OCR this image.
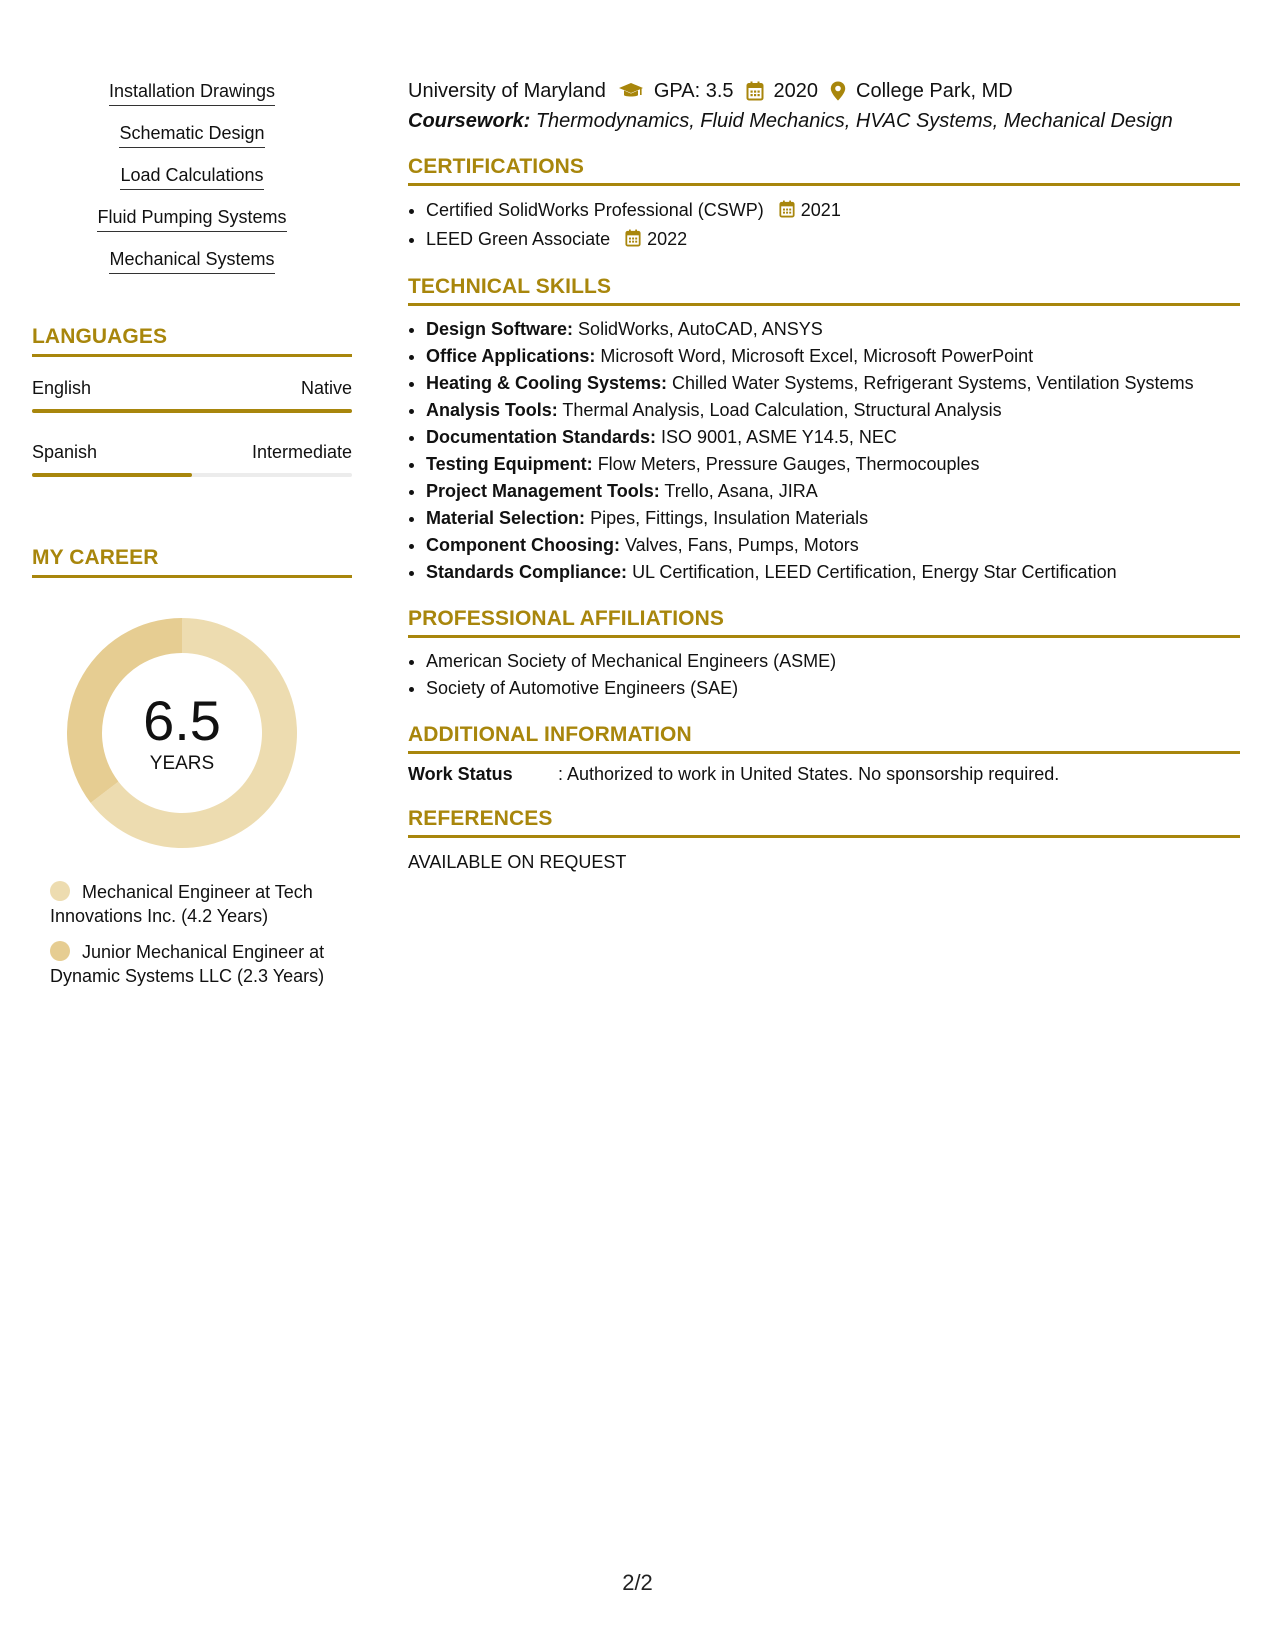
Installation Drawings
Schematic Design
Load Calculations
Fluid Pumping Systems
Mechanical Systems
LANGUAGES
English	Native
Spanish	Intermediate
MY CAREER
6.5
YEARS
Mechanical Engineer at Tech Innovations Inc. (4.2 Years)
Junior Mechanical Engineer at Dynamic Systems LLC (2.3 Years)
University of Maryland GPA: 3.5 2020 College Park, MD
Coursework: Thermodynamics, Fluid Mechanics, HVAC Systems, Mechanical Design
CERTIFICATIONS
• Certified SolidWorks Professional (CSWP) 2021
• LEED Green Associate 2022
TECHNICAL SKILLS
• Design Software: SolidWorks, AutoCAD, ANSYS
• Office Applications: Microsoft Word, Microsoft Excel, Microsoft PowerPoint
• Heating & Cooling Systems: Chilled Water Systems, Refrigerant Systems, Ventilation Systems
• Analysis Tools: Thermal Analysis, Load Calculation, Structural Analysis
• Documentation Standards: ISO 9001, ASME Y14.5, NEC
• Testing Equipment: Flow Meters, Pressure Gauges, Thermocouples
• Project Management Tools: Trello, Asana, JIRA
• Material Selection: Pipes, Fittings, Insulation Materials
• Component Choosing: Valves, Fans, Pumps, Motors
• Standards Compliance: UL Certification, LEED Certification, Energy Star Certification
PROFESSIONAL AFFILIATIONS
• American Society of Mechanical Engineers (ASME)
• Society of Automotive Engineers (SAE)
ADDITIONAL INFORMATION
Work Status	: Authorized to work in United States. No sponsorship required.
REFERENCES
AVAILABLE ON REQUEST
2/2
